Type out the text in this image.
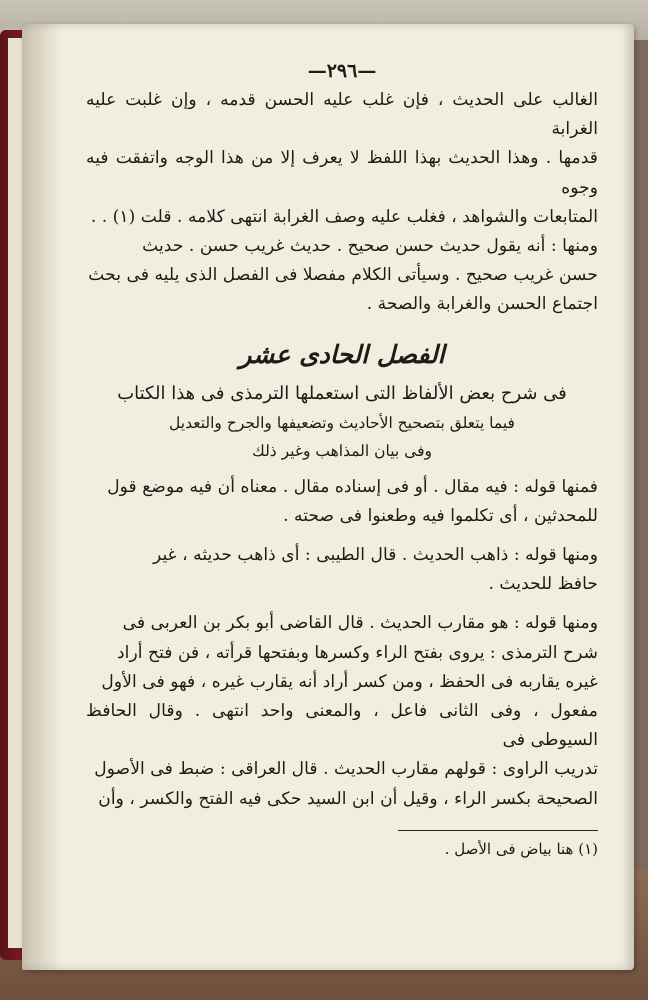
—٢٩٦—

الغالب على الحديث ، فإن غلب عليه الحسن قدمه ، وإن غلبت عليه الغرابة

قدمها . وهذا الحديث بهذا اللفظ لا يعرف إلا من هذا الوجه واتفقت فيه وجوه

المتابعات والشواهد ، فغلب عليه وصف الغرابة انتهى كلامه . قلت (١) . .

ومنها : أنه يقول حديث حسن صحيح . حديث غريب حسن . حديث

حسن غريب صحيح . وسيأتى الكلام مفصلا فى الفصل الذى يليه فى بحث

اجتماع الحسن والغرابة والصحة .

الفصل الحادى عشر

فى شرح بعض الألفاظ التى استعملها الترمذى فى هذا الكتاب

فيما يتعلق بتصحيح الأحاديث وتضعيفها والجرح والتعديل

وفى بيان المذاهب وغير ذلك

فمنها قوله : فيه مقال . أو فى إسناده مقال . معناه أن فيه موضع قول

للمحدثين ، أى تكلموا فيه وطعنوا فى صحته .

ومنها قوله : ذاهب الحديث . قال الطيبى : أى ذاهب حديثه ، غير

حافظ للحديث .

ومنها قوله : هو مقارب الحديث . قال القاضى أبو بكر بن العربى فى

شرح الترمذى : يروى بفتح الراء وكسرها وبفتحها قرأته ، فن فتح أراد

غيره يقاربه فى الحفظ ، ومن كسر أراد أنه يقارب غيره ، فهو فى الأول

مفعول ، وفى الثانى فاعل ، والمعنى واحد انتهى . وقال الحافظ السيوطى فى

تدريب الراوى : قولهم مقارب الحديث . قال العراقى : ضبط فى الأصول

الصحيحة بكسر الراء ، وقيل أن ابن السيد حكى فيه الفتح والكسر ، وأن

(١) هنا بياض فى الأصل .
